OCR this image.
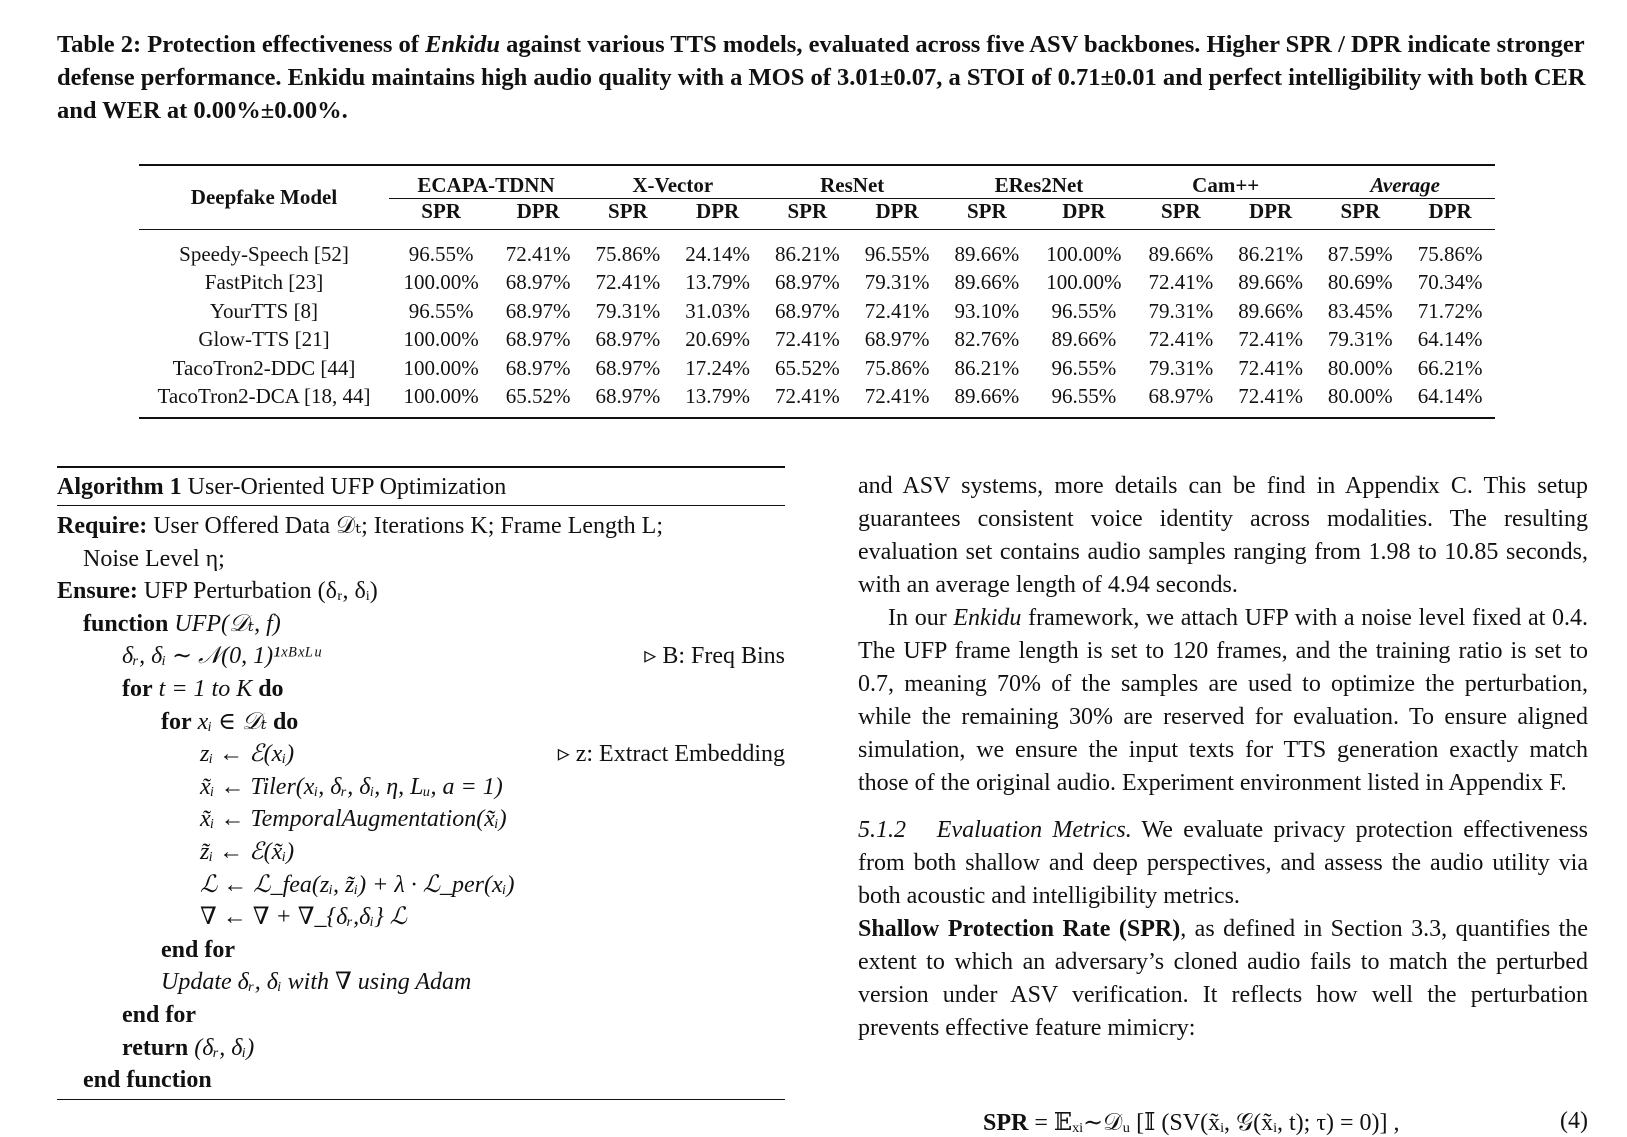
Table 2: Protection effectiveness of Enkidu against various TTS models, evaluated across five ASV backbones. Higher SPR / DPR indicate stronger defense performance. Enkidu maintains high audio quality with a MOS of 3.01±0.07, a STOI of 0.71±0.01 and perfect intelligibility with both CER and WER at 0.00%±0.00%.
Deepfake Model	ECAPA-TDNN		X-Vector		ResNet		ERes2Net		Cam++		Average	
	SPR	DPR	SPR	DPR	SPR	DPR	SPR	DPR	SPR	DPR	SPR	DPR
Speedy-Speech [52]	96.55%	72.41%	75.86%	24.14%	86.21%	96.55%	89.66%	100.00%	89.66%	86.21%	87.59%	75.86%
FastPitch [23]	100.00%	68.97%	72.41%	13.79%	68.97%	79.31%	89.66%	100.00%	72.41%	89.66%	80.69%	70.34%
YourTTS [8]	96.55%	68.97%	79.31%	31.03%	68.97%	72.41%	93.10%	96.55%	79.31%	89.66%	83.45%	71.72%
Glow-TTS [21]	100.00%	68.97%	68.97%	20.69%	72.41%	68.97%	82.76%	89.66%	72.41%	72.41%	79.31%	64.14%
TacoTron2-DDC [44]	100.00%	68.97%	68.97%	17.24%	65.52%	75.86%	86.21%	96.55%	79.31%	72.41%	80.00%	66.21%
TacoTron2-DCA [18, 44]	100.00%	65.52%	68.97%	13.79%	72.41%	72.41%	89.66%	96.55%	68.97%	72.41%	80.00%	64.14%
Algorithm 1 User-Oriented UFP Optimization
Require: User Offered Data 𝒟ₜ; Iterations K; Frame Length L;
Noise Level η;
Ensure: UFP Perturbation (δᵣ, δᵢ)
function UFP(𝒟ₜ, f)
δᵣ, δᵢ ∼ 𝒩(0, 1)¹ˣᴮˣᴸᵘ	▹ B: Freq Bins
for t = 1 to K do
for xᵢ ∈ 𝒟ₜ do
zᵢ ← ℰ(xᵢ)	▹ z: Extract Embedding
x̃ᵢ ← Tiler(xᵢ, δᵣ, δᵢ, η, Lᵤ, a = 1)
x̃ᵢ ← TemporalAugmentation(x̃ᵢ)
z̃ᵢ ← ℰ(x̃ᵢ)
ℒ ← ℒ_fea(zᵢ, z̃ᵢ) + λ · ℒ_per(xᵢ)
∇ ← ∇ + ∇_{δᵣ,δᵢ} ℒ
end for
Update δᵣ, δᵢ with ∇ using Adam
end for
return (δᵣ, δᵢ)
end function

and ASV systems, more details can be find in Appendix C. This setup guarantees consistent voice identity across modalities. The resulting evaluation set contains audio samples ranging from 1.98 to 10.85 seconds, with an average length of 4.94 seconds.

In our Enkidu framework, we attach UFP with a noise level fixed at 0.4. The UFP frame length is set to 120 frames, and the training ratio is set to 0.7, meaning 70% of the samples are used to optimize the perturbation, while the remaining 30% are reserved for evaluation. To ensure aligned simulation, we ensure the input texts for TTS generation exactly match those of the original audio. Experiment environment listed in Appendix F.

5.1.2 Evaluation Metrics. We evaluate privacy protection effectiveness from both shallow and deep perspectives, and assess the audio utility via both acoustic and intelligibility metrics.

Shallow Protection Rate (SPR), as defined in Section 3.3, quantifies the extent to which an adversary’s cloned audio fails to match the perturbed version under ASV verification. It reflects how well the perturbation prevents effective feature mimicry:

SPR = 𝔼ₓᵢ∼𝒟ᵤ [𝕀 (SV(x̃ᵢ, 𝒢(x̃ᵢ, t); τ) = 0)] ,	(4)
